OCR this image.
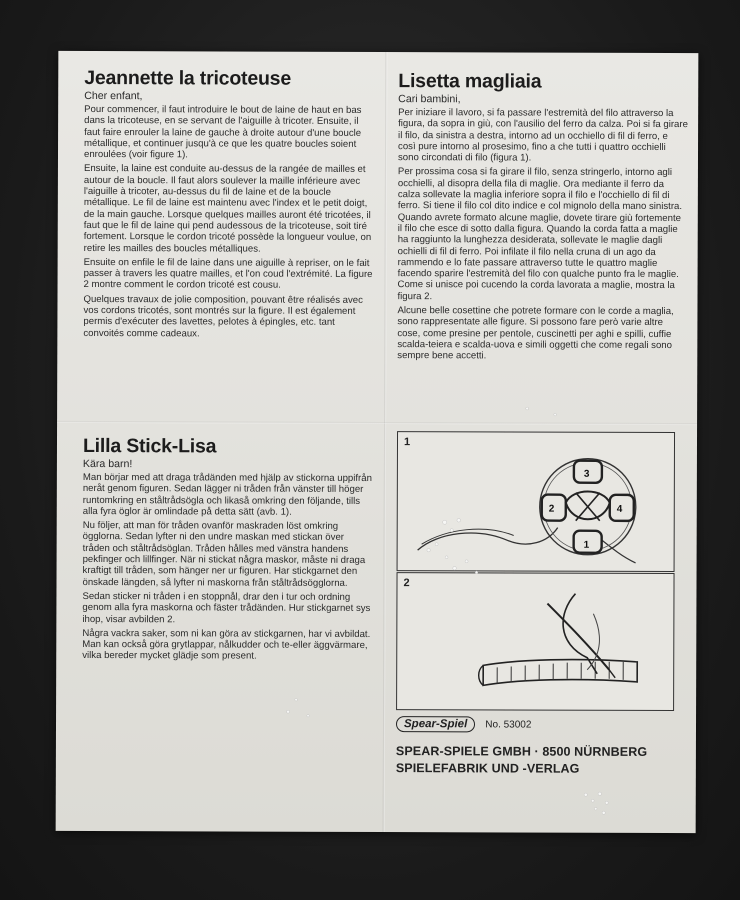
Jeannette la tricoteuse

Cher enfant,

Pour commencer, il faut introduire le bout de laine de haut en bas dans la tricoteuse, en se servant de l'aiguille à tricoter. Ensuite, il faut faire enrouler la laine de gauche à droite autour d'une boucle métallique, et continuer jusqu'à ce que les quatre boucles soient enroulées (voir figure 1).

Ensuite, la laine est conduite au-dessus de la rangée de mailles et autour de la boucle. Il faut alors soulever la maille inférieure avec l'aiguille à tricoter, au-dessus du fil de laine et de la boucle métallique. Le fil de laine est maintenu avec l'index et le petit doigt, de la main gauche. Lorsque quelques mailles auront été tricotées, il faut que le fil de laine qui pend audessous de la tricoteuse, soit tiré fortement. Lorsque le cordon tricoté possède la longueur voulue, on retire les mailles des boucles métalliques.

Ensuite on enfile le fil de laine dans une aiguille à repriser, on le fait passer à travers les quatre mailles, et l'on coud l'extrémité. La figure 2 montre comment le cordon tricoté est cousu.

Quelques travaux de jolie composition, pouvant être réalisés avec vos cordons tricotés, sont montrés sur la figure. Il est également permis d'exécuter des lavettes, pelotes à épingles, etc. tant convoités comme cadeaux.

Lilla Stick-Lisa

Kära barn!

Man börjar med att draga trådänden med hjälp av stickorna uppifrån neråt genom figuren. Sedan lägger ni tråden från vänster till höger runtomkring en ståltrådsögla och likaså omkring den följande, tills alla fyra öglor är omlindade på detta sätt (avb. 1).

Nu följer, att man för tråden ovanför maskraden löst omkring ögglorna. Sedan lyfter ni den undre maskan med stickan över tråden och ståltrådsöglan. Tråden hålles med vänstra handens pekfinger och lillfinger. När ni stickat några maskor, måste ni draga kraftigt till tråden, som hänger ner ur figuren. Har stickgarnet den önskade längden, så lyfter ni maskorna från ståltrådsögglorna.

Sedan sticker ni tråden i en stoppnål, drar den i tur och ordning genom alla fyra maskorna och fäster trådänden. Hur stickgarnet sys ihop, visar avbilden 2.

Några vackra saker, som ni kan göra av stickgarnen, har vi avbildat. Man kan också göra grytlappar, nålkudder och te-eller äggvärmare, vilka bereder mycket glädje som present.

Lisetta magliaia

Cari bambini,

Per iniziare il lavoro, si fa passare l'estremità del filo attraverso la figura, da sopra in giù, con l'ausilio del ferro da calza. Poi si fa girare il filo, da sinistra a destra, intorno ad un occhiello di fil di ferro, e così pure intorno al prosesimo, fino a che tutti i quattro occhielli sono circondati di filo (figura 1).

Per prossima cosa si fa girare il filo, senza stringerlo, intorno agli occhielli, al disopra della fila di maglie. Ora mediante il ferro da calza sollevate la maglia inferiore sopra il filo e l'occhiello di fil di ferro. Si tiene il filo col dito indice e col mignolo della mano sinistra. Quando avrete formato alcune maglie, dovete tirare giù fortemente il filo che esce di sotto dalla figura. Quando la corda fatta a maglie ha raggiunto la lunghezza desiderata, sollevate le maglie dagli ochielli di fil di ferro. Poi infilate il filo nella cruna di un ago da rammendo e lo fate passare attraverso tutte le quattro maglie facendo sparire l'estremità del filo con qualche punto fra le maglie. Come si unisce poi cucendo la corda lavorata a maglie, mostra la figura 2.

Alcune belle cosettine che potrete formare con le corde a maglia, sono rappresentate alle figure. Si possono fare però varie altre cose, come presine per pentole, cuscinetti per aghi e spilli, cuffie scalda-teiera e scalda-uova e simili oggetti che come regali sono sempre bene accetti.

1
1
2
3
4
2
Spear-Spiel	No. 53002
SPEAR-SPIELE GMBH · 8500 NÜRNBERG
SPIELEFABRIK UND -VERLAG
